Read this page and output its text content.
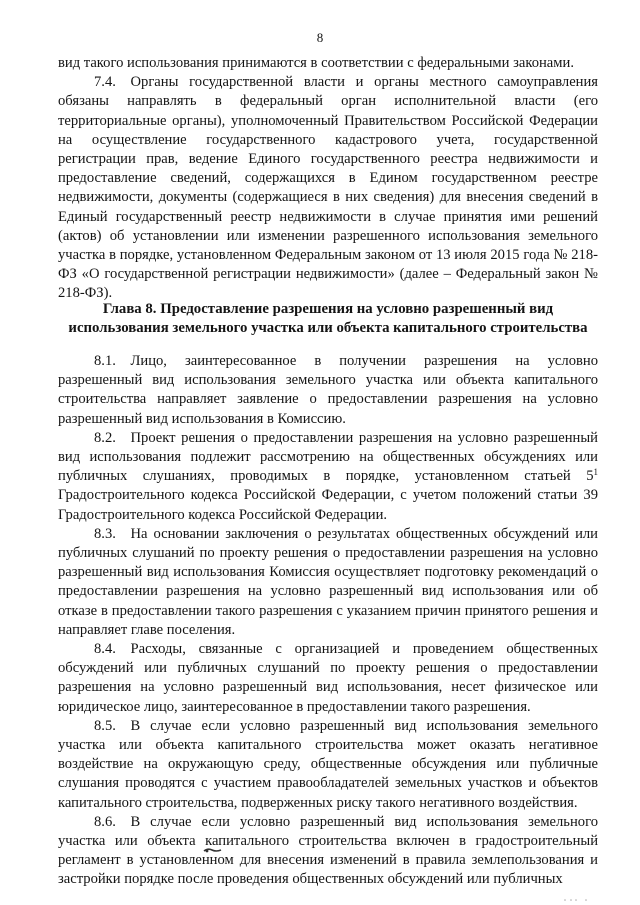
8

вид такого использования принимаются в соответствии с федеральными законами.

7.4. Органы государственной власти и органы местного самоуправления обязаны направлять в федеральный орган исполнительной власти (его территориальные органы), уполномоченный Правительством Российской Федерации на осуществление государственного кадастрового учета, государственной регистрации прав, ведение Единого государственного реестра недвижимости и предоставление сведений, содержащихся в Едином государственном реестре недвижимости, документы (содержащиеся в них сведения) для внесения сведений в Единый государственный реестр недвижимости в случае принятия ими решений (актов) об установлении или изменении разрешенного использования земельного участка в порядке, установленном Федеральным законом от 13 июля 2015 года № 218-ФЗ «О государственной регистрации недвижимости» (далее – Федеральный закон № 218-ФЗ).

Глава 8. Предоставление разрешения на условно разрешенный вид использования земельного участка или объекта капитального строительства

8.1. Лицо, заинтересованное в получении разрешения на условно разрешенный вид использования земельного участка или объекта капитального строительства направляет заявление о предоставлении разрешения на условно разрешенный вид использования в Комиссию.

8.2. Проект решения о предоставлении разрешения на условно разрешенный вид использования подлежит рассмотрению на общественных обсуждениях или публичных слушаниях, проводимых в порядке, установленном статьей $5^1$ Градостроительного кодекса Российской Федерации, с учетом положений статьи 39 Градостроительного кодекса Российской Федерации.

8.3. На основании заключения о результатах общественных обсуждений или публичных слушаний по проекту решения о предоставлении разрешения на условно разрешенный вид использования Комиссия осуществляет подготовку рекомендаций о предоставлении разрешения на условно разрешенный вид использования или об отказе в предоставлении такого разрешения с указанием причин принятого решения и направляет главе поселения.

8.4. Расходы, связанные с организацией и проведением общественных обсуждений или публичных слушаний по проекту решения о предоставлении разрешения на условно разрешенный вид использования, несет физическое или юридическое лицо, заинтересованное в предоставлении такого разрешения.

8.5. В случае если условно разрешенный вид использования земельного участка или объекта капитального строительства может оказать негативное воздействие на окружающую среду, общественные обсуждения или публичные слушания проводятся с участием правообладателей земельных участков и объектов капитального строительства, подверженных риску такого негативного воздействия.

8.6. В случае если условно разрешенный вид использования земельного участка или объекта капитального строительства включен в градостроительный регламент в установленном для внесения изменений в правила землепользования и застройки порядке после проведения общественных обсуждений или публичных
